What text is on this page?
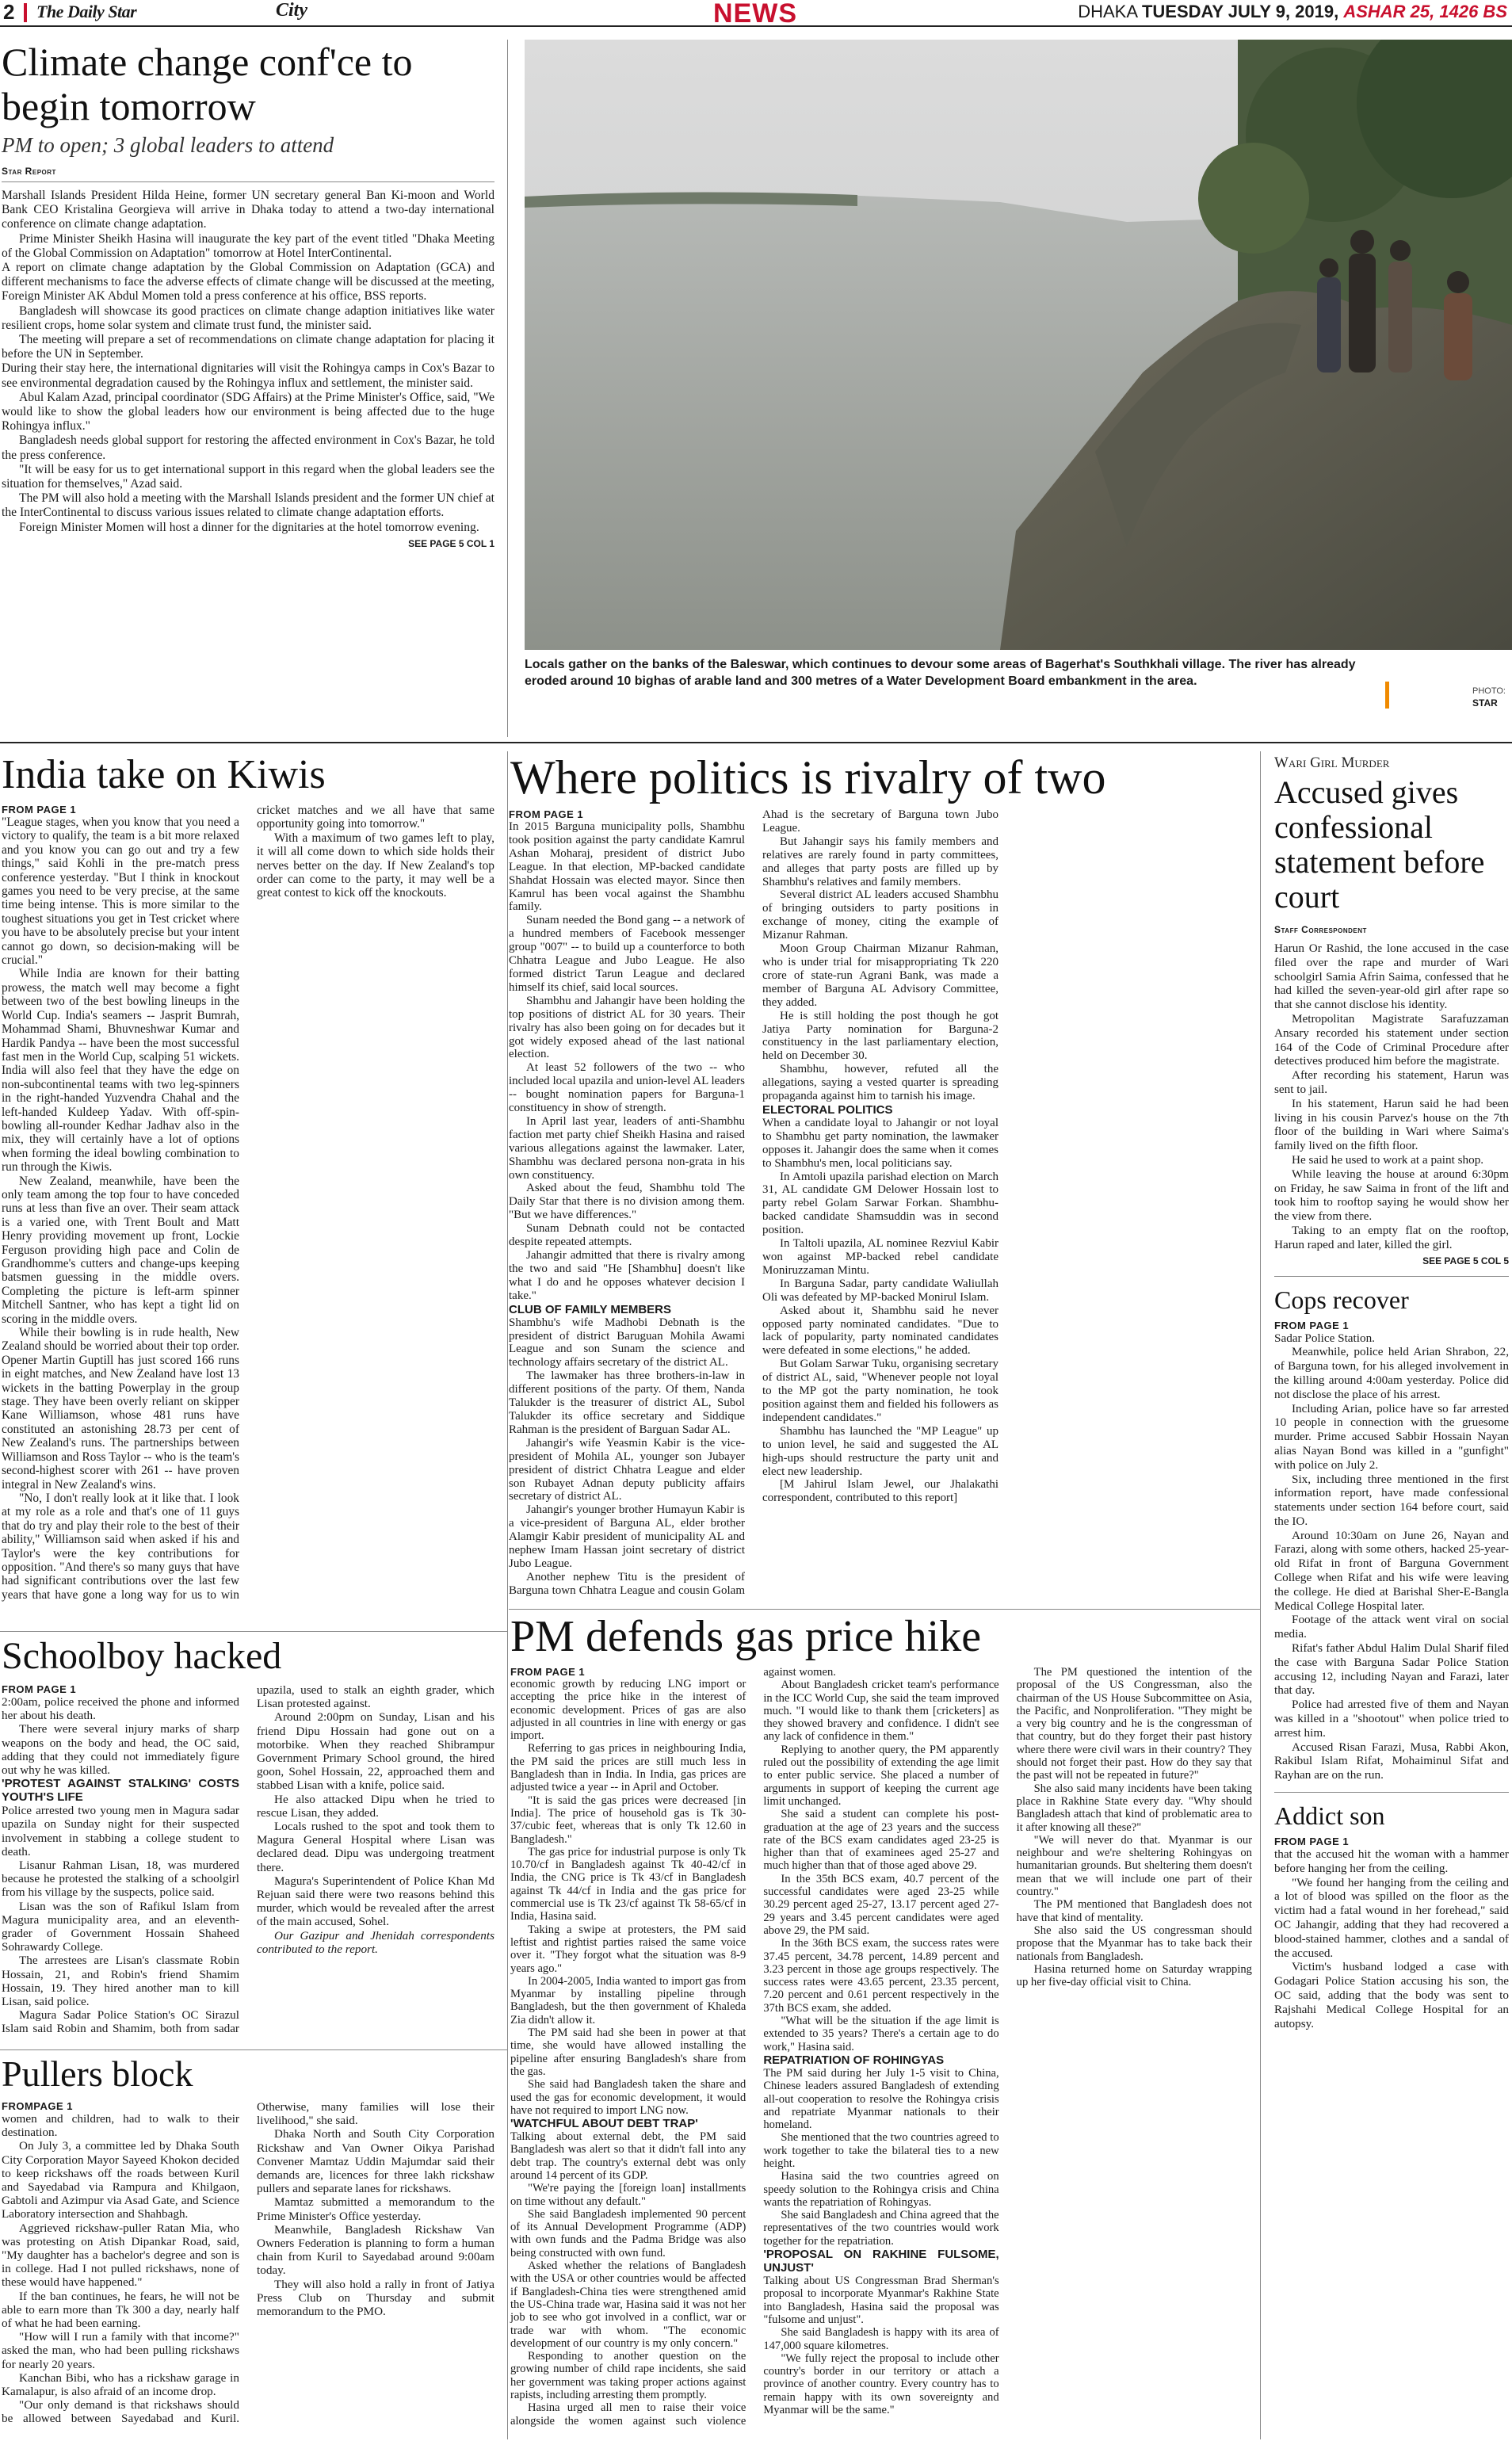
2 The Daily Star	City	NEWS	DHAKA TUESDAY JULY 9, 2019, ASHAR 25, 1426 BS
Climate change conf'ce to begin tomorrow
PM to open; 3 global leaders to attend
Star Report

Marshall Islands President Hilda Heine, former UN secretary general Ban Ki-moon and World Bank CEO Kristalina Georgieva will arrive in Dhaka today to attend a two-day international conference on climate change adaptation.

Prime Minister Sheikh Hasina will inaugurate the key part of the event titled "Dhaka Meeting of the Global Commission on Adaptation" tomorrow at Hotel InterContinental.

A report on climate change adaptation by the Global Commission on Adaptation (GCA) and different mechanisms to face the adverse effects of climate change will be discussed at the meeting, Foreign Minister AK Abdul Momen told a press conference at his office, BSS reports.

Bangladesh will showcase its good practices on climate change adaption initiatives like water resilient crops, home solar system and climate trust fund, the minister said.

The meeting will prepare a set of recommendations on climate change adaptation for placing it before the UN in September.

During their stay here, the international dignitaries will visit the Rohingya camps in Cox's Bazar to see environmental degradation caused by the Rohingya influx and settlement, the minister said.

Abul Kalam Azad, principal coordinator (SDG Affairs) at the Prime Minister's Office, said, "We would like to show the global leaders how our environment is being affected due to the huge Rohingya influx."

Bangladesh needs global support for restoring the affected environment in Cox's Bazar, he told the press conference.

"It will be easy for us to get international support in this regard when the global leaders see the situation for themselves," Azad said.

The PM will also hold a meeting with the Marshall Islands president and the former UN chief at the InterContinental to discuss various issues related to climate change adaptation efforts.

Foreign Minister Momen will host a dinner for the dignitaries at the hotel tomorrow evening.

SEE PAGE 5 COL 1
Locals gather on the banks of the Baleswar, which continues to devour some areas of Bagerhat's Southkhali village. The river has already eroded around 10 bighas of arable land and 300 metres of a Water Development Board embankment in the area.
PHOTO:
STAR
India take on Kiwis
FROM PAGE 1

"League stages, when you know that you need a victory to qualify, the team is a bit more relaxed and you know you can go out and try a few things," said Kohli in the pre-match press conference yesterday. "But I think in knockout games you need to be very precise, at the same time being intense. This is more similar to the toughest situations you get in Test cricket where you have to be absolutely precise but your intent cannot go down, so decision-making will be crucial."

While India are known for their batting prowess, the match well may become a fight between two of the best bowling lineups in the World Cup. India's seamers -- Jasprit Bumrah, Mohammad Shami, Bhuvneshwar Kumar and Hardik Pandya -- have been the most successful fast men in the World Cup, scalping 51 wickets. India will also feel that they have the edge on non-subcontinental teams with two leg-spinners in the right-handed Yuzvendra Chahal and the left-handed Kuldeep Yadav. With off-spin-bowling all-rounder Kedhar Jadhav also in the mix, they will certainly have a lot of options when forming the ideal bowling combination to run through the Kiwis.

New Zealand, meanwhile, have been the only team among the top four to have conceded runs at less than five an over. Their seam attack is a varied one, with Trent Boult and Matt Henry providing movement up front, Lockie Ferguson providing high pace and Colin de Grandhomme's cutters and change-ups keeping batsmen guessing in the middle overs. Completing the picture is left-arm spinner Mitchell Santner, who has kept a tight lid on scoring in the middle overs.

While their bowling is in rude health, New Zealand should be worried about their top order. Opener Martin Guptill has just scored 166 runs in eight matches, and New Zealand have lost 13 wickets in the batting Powerplay in the group stage. They have been overly reliant on skipper Kane Williamson, whose 481 runs have constituted an astonishing 28.73 per cent of New Zealand's runs. The partnerships between Williamson and Ross Taylor -- who is the team's second-highest scorer with 261 -- have proven integral in New Zealand's wins.

"No, I don't really look at it like that. I look at my role as a role and that's one of 11 guys that do try and play their role to the best of their ability," Williamson said when asked if his and Taylor's were the key contributions for opposition. "And there's so many guys that have had significant contributions over the last few years that have gone a long way for us to win cricket matches and we all have that same opportunity going into tomorrow."

With a maximum of two games left to play, it will all come down to which side holds their nerves better on the day. If New Zealand's top order can come to the party, it may well be a great contest to kick off the knockouts.

Where politics is rivalry of two
FROM PAGE 1

In 2015 Barguna municipality polls, Shambhu took position against the party candidate Kamrul Ashan Moharaj, president of district Jubo League. In that election, MP-backed candidate Shahdat Hossain was elected mayor. Since then Kamrul has been vocal against the Shambhu family.

Sunam needed the Bond gang -- a network of a hundred members of Facebook messenger group "007" -- to build up a counterforce to both Chhatra League and Jubo League. He also formed district Tarun League and declared himself its chief, said local sources.

Shambhu and Jahangir have been holding the top positions of district AL for 30 years. Their rivalry has also been going on for decades but it got widely exposed ahead of the last national election.

At least 52 followers of the two -- who included local upazila and union-level AL leaders -- bought nomination papers for Barguna-1 constituency in show of strength.

In April last year, leaders of anti-Shambhu faction met party chief Sheikh Hasina and raised various allegations against the lawmaker. Later, Shambhu was declared persona non-grata in his own constituency.

Asked about the feud, Shambhu told The Daily Star that there is no division among them. "But we have differences."

Sunam Debnath could not be contacted despite repeated attempts.

Jahangir admitted that there is rivalry among the two and said "He [Shambhu] doesn't like what I do and he opposes whatever decision I take."

CLUB OF FAMILY MEMBERS

Shambhu's wife Madhobi Debnath is the president of district Baruguan Mohila Awami League and son Sunam the science and technology affairs secretary of the district AL.

The lawmaker has three brothers-in-law in different positions of the party. Of them, Nanda Talukder is the treasurer of district AL, Subol Talukder its office secretary and Siddique Rahman is the president of Barguan Sadar AL.

Jahangir's wife Yeasmin Kabir is the vice-president of Mohila AL, younger son Jubayer president of district Chhatra League and elder son Rubayet Adnan deputy publicity affairs secretary of district AL.

Jahangir's younger brother Humayun Kabir is a vice-president of Barguna AL, elder brother Alamgir Kabir president of municipality AL and nephew Imam Hassan joint secretary of district Jubo League.

Another nephew Titu is the president of Barguna town Chhatra League and cousin Golam Ahad is the secretary of Barguna town Jubo League.

But Jahangir says his family members and relatives are rarely found in party committees, and alleges that party posts are filled up by Shambhu's relatives and family members.

Several district AL leaders accused Shambhu of bringing outsiders to party positions in exchange of money, citing the example of Mizanur Rahman.

Moon Group Chairman Mizanur Rahman, who is under trial for misappropriating Tk 220 crore of state-run Agrani Bank, was made a member of Barguna AL Advisory Committee, they added.

He is still holding the post though he got Jatiya Party nomination for Barguna-2 constituency in the last parliamentary election, held on December 30.

Shambhu, however, refuted all the allegations, saying a vested quarter is spreading propaganda against him to tarnish his image.

ELECTORAL POLITICS

When a candidate loyal to Jahangir or not loyal to Shambhu get party nomination, the lawmaker opposes it. Jahangir does the same when it comes to Shambhu's men, local politicians say.

In Amtoli upazila parishad election on March 31, AL candidate GM Delower Hossain lost to party rebel Golam Sarwar Forkan. Shambhu-backed candidate Shamsuddin was in second position.

In Taltoli upazila, AL nominee Rezviul Kabir won against MP-backed rebel candidate Moniruzzaman Mintu.

In Barguna Sadar, party candidate Waliullah Oli was defeated by MP-backed Monirul Islam.

Asked about it, Shambhu said he never opposed party nominated candidates. "Due to lack of popularity, party nominated candidates were defeated in some elections," he added.

But Golam Sarwar Tuku, organising secretary of district AL, said, "Whenever people not loyal to the MP got the party nomination, he took position against them and fielded his followers as independent candidates."

Shambhu has launched the "MP League" up to union level, he said and suggested the AL high-ups should restructure the party unit and elect new leadership.

[M Jahirul Islam Jewel, our Jhalakathi correspondent, contributed to this report]

Wari Girl Murder
Accused gives confessional statement before court
Staff Correspondent

Harun Or Rashid, the lone accused in the case filed over the rape and murder of Wari schoolgirl Samia Afrin Saima, confessed that he had killed the seven-year-old girl after rape so that she cannot disclose his identity.

Metropolitan Magistrate Sarafuzzaman Ansary recorded his statement under section 164 of the Code of Criminal Procedure after detectives produced him before the magistrate.

After recording his statement, Harun was sent to jail.

In his statement, Harun said he had been living in his cousin Parvez's house on the 7th floor of the building in Wari where Saima's family lived on the fifth floor.

He said he used to work at a paint shop.

While leaving the house at around 6:30pm on Friday, he saw Saima in front of the lift and took him to rooftop saying he would show her the view from there.

Taking to an empty flat on the rooftop, Harun raped and later, killed the girl.

SEE PAGE 5 COL 5
Cops recover
FROM PAGE 1

Sadar Police Station.

Meanwhile, police held Arian Shrabon, 22, of Barguna town, for his alleged involvement in the killing around 4:00am yesterday. Police did not disclose the place of his arrest.

Including Arian, police have so far arrested 10 people in connection with the gruesome murder. Prime accused Sabbir Hossain Nayan alias Nayan Bond was killed in a "gunfight" with police on July 2.

Six, including three mentioned in the first information report, have made confessional statements under section 164 before court, said the IO.

Around 10:30am on June 26, Nayan and Farazi, along with some others, hacked 25-year-old Rifat in front of Barguna Government College when Rifat and his wife were leaving the college. He died at Barishal Sher-E-Bangla Medical College Hospital later.

Footage of the attack went viral on social media.

Rifat's father Abdul Halim Dulal Sharif filed the case with Barguna Sadar Police Station accusing 12, including Nayan and Farazi, later that day.

Police had arrested five of them and Nayan was killed in a "shootout" when police tried to arrest him.

Accused Risan Farazi, Musa, Rabbi Akon, Rakibul Islam Rifat, Mohaiminul Sifat and Rayhan are on the run.

Addict son
FROM PAGE 1

that the accused hit the woman with a hammer before hanging her from the ceiling.

"We found her hanging from the ceiling and a lot of blood was spilled on the floor as the victim had a fatal wound in her forehead," said OC Jahangir, adding that they had recovered a blood-stained hammer, clothes and a sandal of the accused.

Victim's husband lodged a case with Godagari Police Station accusing his son, the OC said, adding that the body was sent to Rajshahi Medical College Hospital for an autopsy.

Schoolboy hacked
FROM PAGE 1

2:00am, police received the phone and informed her about his death.

There were several injury marks of sharp weapons on the body and head, the OC said, adding that they could not immediately figure out why he was killed.

'PROTEST AGAINST STALKING' COSTS YOUTH'S LIFE

Police arrested two young men in Magura sadar upazila on Sunday night for their suspected involvement in stabbing a college student to death.

Lisanur Rahman Lisan, 18, was murdered because he protested the stalking of a schoolgirl from his village by the suspects, police said.

Lisan was the son of Rafikul Islam from Magura municipality area, and an eleventh-grader of Government Hossain Shaheed Sohrawardy College.

The arrestees are Lisan's classmate Robin Hossain, 21, and Robin's friend Shamim Hossain, 19. They hired another man to kill Lisan, said police.

Magura Sadar Police Station's OC Sirazul Islam said Robin and Shamim, both from sadar upazila, used to stalk an eighth grader, which Lisan protested against.

Around 2:00pm on Sunday, Lisan and his friend Dipu Hossain had gone out on a motorbike. When they reached Shibrampur Government Primary School ground, the hired goon, Sohel Hossain, 22, approached them and stabbed Lisan with a knife, police said.

He also attacked Dipu when he tried to rescue Lisan, they added.

Locals rushed to the spot and took them to Magura General Hospital where Lisan was declared dead. Dipu was undergoing treatment there.

Magura's Superintendent of Police Khan Md Rejuan said there were two reasons behind this murder, which would be revealed after the arrest of the main accused, Sohel.

Our Gazipur and Jhenidah correspondents contributed to the report.

Pullers block
FROMPAGE 1

women and children, had to walk to their destination.

On July 3, a committee led by Dhaka South City Corporation Mayor Sayeed Khokon decided to keep rickshaws off the roads between Kuril and Sayedabad via Rampura and Khilgaon, Gabtoli and Azimpur via Asad Gate, and Science Laboratory intersection and Shahbagh.

Aggrieved rickshaw-puller Ratan Mia, who was protesting on Atish Dipankar Road, said, "My daughter has a bachelor's degree and son is in college. Had I not pulled rickshaws, none of these would have happened."

If the ban continues, he fears, he will not be able to earn more than Tk 300 a day, nearly half of what he had been earning.

"How will I run a family with that income?" asked the man, who had been pulling rickshaws for nearly 20 years.

Kanchan Bibi, who has a rickshaw garage in Kamalapur, is also afraid of an income drop.

"Our only demand is that rickshaws should be allowed between Sayedabad and Kuril. Otherwise, many families will lose their livelihood," she said.

Dhaka North and South City Corporation Rickshaw and Van Owner Oikya Parishad Convener Mamtaz Uddin Majumdar said their demands are, licences for three lakh rickshaw pullers and separate lanes for rickshaws.

Mamtaz submitted a memorandum to the Prime Minister's Office yesterday.

Meanwhile, Bangladesh Rickshaw Van Owners Federation is planning to form a human chain from Kuril to Sayedabad around 9:00am today.

They will also hold a rally in front of Jatiya Press Club on Thursday and submit memorandum to the PMO.

PM defends gas price hike
FROM PAGE 1

economic growth by reducing LNG import or accepting the price hike in the interest of economic development. Prices of gas are also adjusted in all countries in line with energy or gas import.

Referring to gas prices in neighbouring India, the PM said the prices are still much less in Bangladesh than in India. In India, gas prices are adjusted twice a year -- in April and October.

"It is said the gas prices were decreased [in India]. The price of household gas is Tk 30-37/cubic feet, whereas that is only Tk 12.60 in Bangladesh."

The gas price for industrial purpose is only Tk 10.70/cf in Bangladesh against Tk 40-42/cf in India, the CNG price is Tk 43/cf in Bangladesh against Tk 44/cf in India and the gas price for commercial use is Tk 23/cf against Tk 58-65/cf in India, Hasina said.

Taking a swipe at protesters, the PM said leftist and rightist parties raised the same voice over it. "They forgot what the situation was 8-9 years ago."

In 2004-2005, India wanted to import gas from Myanmar by installing pipeline through Bangladesh, but the then government of Khaleda Zia didn't allow it.

The PM said had she been in power at that time, she would have allowed installing the pipeline after ensuring Bangladesh's share from the gas.

She said had Bangladesh taken the share and used the gas for economic development, it would have not required to import LNG now.

'WATCHFUL ABOUT DEBT TRAP'

Talking about external debt, the PM said Bangladesh was alert so that it didn't fall into any debt trap. The country's external debt was only around 14 percent of its GDP.

"We're paying the [foreign loan] installments on time without any default."

She said Bangladesh implemented 90 percent of its Annual Development Programme (ADP) with own funds and the Padma Bridge was also being constructed with own fund.

Asked whether the relations of Bangladesh with the USA or other countries would be affected if Bangladesh-China ties were strengthened amid the US-China trade war, Hasina said it was not her job to see who got involved in a conflict, war or trade war with whom. "The economic development of our country is my only concern."

Responding to another question on the growing number of child rape incidents, she said her government was taking proper actions against rapists, including arresting them promptly.

Hasina urged all men to raise their voice alongside the women against such violence against women.

About Bangladesh cricket team's performance in the ICC World Cup, she said the team improved much. "I would like to thank them [cricketers] as they showed bravery and confidence. I didn't see any lack of confidence in them."

Replying to another query, the PM apparently ruled out the possibility of extending the age limit to enter public service. She placed a number of arguments in support of keeping the current age limit unchanged.

She said a student can complete his post-graduation at the age of 23 years and the success rate of the BCS exam candidates aged 23-25 is higher than that of examinees aged 25-27 and much higher than that of those aged above 29.

In the 35th BCS exam, 40.7 percent of the successful candidates were aged 23-25 while 30.29 percent aged 25-27, 13.17 percent aged 27-29 years and 3.45 percent candidates were aged above 29, the PM said.

In the 36th BCS exam, the success rates were 37.45 percent, 34.78 percent, 14.89 percent and 3.23 percent in those age groups respectively. The success rates were 43.65 percent, 23.35 percent, 7.20 percent and 0.61 percent respectively in the 37th BCS exam, she added.

"What will be the situation if the age limit is extended to 35 years? There's a certain age to do work," Hasina said.

REPATRIATION OF ROHINGYAS

The PM said during her July 1-5 visit to China, Chinese leaders assured Bangladesh of extending all-out cooperation to resolve the Rohingya crisis and repatriate Myanmar nationals to their homeland.

She mentioned that the two countries agreed to work together to take the bilateral ties to a new height.

Hasina said the two countries agreed on speedy solution to the Rohingya crisis and China wants the repatriation of Rohingyas.

She said Bangladesh and China agreed that the representatives of the two countries would work together for the repatriation.

'PROPOSAL ON RAKHINE FULSOME, UNJUST'

Talking about US Congressman Brad Sherman's proposal to incorporate Myanmar's Rakhine State into Bangladesh, Hasina said the proposal was "fulsome and unjust".

She said Bangladesh is happy with its area of 147,000 square kilometres.

"We fully reject the proposal to include other country's border in our territory or attach a province of another country. Every country has to remain happy with its own sovereignty and Myanmar will be the same."

The PM questioned the intention of the proposal of the US Congressman, also the chairman of the US House Subcommittee on Asia, the Pacific, and Nonproliferation. "They might be a very big country and he is the congressman of that country, but do they forget their past history where there were civil wars in their country? They should not forget their past. How do they say that the past will not be repeated in future?"

She also said many incidents have been taking place in Rakhine State every day. "Why should Bangladesh attach that kind of problematic area to it after knowing all these?"

"We will never do that. Myanmar is our neighbour and we're sheltering Rohingyas on humanitarian grounds. But sheltering them doesn't mean that we will include one part of their country."

The PM mentioned that Bangladesh does not have that kind of mentality.

She also said the US congressman should propose that the Myanmar has to take back their nationals from Bangladesh.

Hasina returned home on Saturday wrapping up her five-day official visit to China.
